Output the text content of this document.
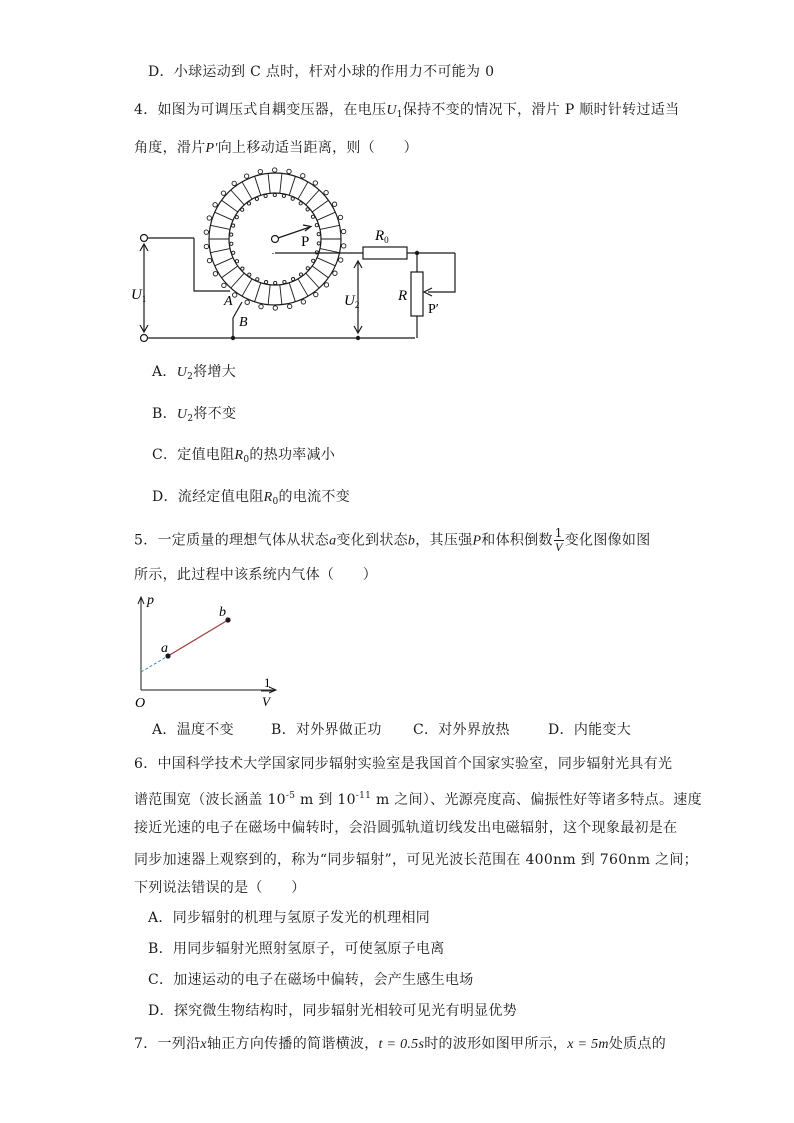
D．小球运动到 C 点时，杆对小球的作用力不可能为 0
4．如图为可调压式自耦变压器，在电压$U_1$保持不变的情况下，滑片 P 顺时针转过适当
角度，滑片P′向上移动适当距离，则（　　）
$U_1$	$U_2$
$R_0$
R
P
P′
A
B
A．$U_2$将增大
B．$U_2$将不变
C．定值电阻$R_0$的热功率减小
D．流经定值电阻$R_0$的电流不变
5．一定质量的理想气体从状态a变化到状态b，其压强P和体积倒数 $\frac{1}{V}$ 变化图像如图
所示，此过程中该系统内气体（　　）
p
O
a
b
1
V
A．温度不变	B．对外界做正功 C．对外界放热	D．内能变大
6．中国科学技术大学国家同步辐射实验室是我国首个国家实验室，同步辐射光具有光
谱范围宽（波长涵盖 $10^{-5}$ m 到 $10^{-11}$ m 之间）、光源亮度高、偏振性好等诸多特点。速度
接近光速的电子在磁场中偏转时，会沿圆弧轨道切线发出电磁辐射，这个现象最初是在
同步加速器上观察到的，称为“同步辐射”，可见光波长范围在 400nm 到 760nm 之间；
下列说法错误的是（　　）
A．同步辐射的机理与氢原子发光的机理相同
B．用同步辐射光照射氢原子，可使氢原子电离
C．加速运动的电子在磁场中偏转，会产生感生电场
D．探究微生物结构时，同步辐射光相较可见光有明显优势
7．一列沿x轴正方向传播的简谐横波，t = 0.5s时的波形如图甲所示，x = 5m处质点的
